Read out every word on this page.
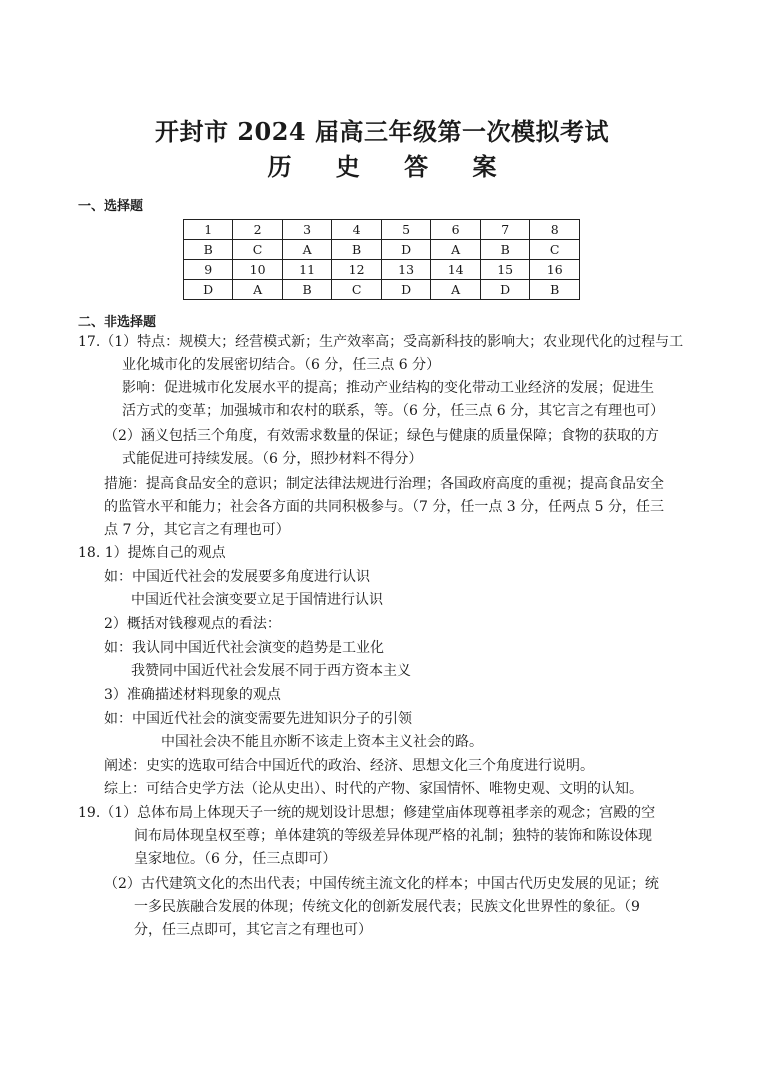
开封市 2024 届高三年级第一次模拟考试
历 史 答 案
一、选择题
1	2	3	4	5	6	7	8
B	C	A	B	D	A	B	C
9	10	11	12	13	14	15	16
D	A	B	C	D	A	D	B
二、非选择题
17.（1）特点：规模大；经营模式新；生产效率高；受高新科技的影响大；农业现代化的过程与工
业化城市化的发展密切结合。（6 分，任三点 6 分）
影响：促进城市化发展水平的提高；推动产业结构的变化带动工业经济的发展；促进生
活方式的变革；加强城市和农村的联系，等。（6 分，任三点 6 分，其它言之有理也可）
（2）涵义包括三个角度，有效需求数量的保证；绿色与健康的质量保障；食物的获取的方
式能促进可持续发展。（6 分，照抄材料不得分）
措施：提高食品安全的意识；制定法律法规进行治理；各国政府高度的重视；提高食品安全
的监管水平和能力；社会各方面的共同积极参与。（7 分，任一点 3 分，任两点 5 分，任三
点 7 分，其它言之有理也可）
18. 1）提炼自己的观点
如：中国近代社会的发展要多角度进行认识
中国近代社会演变要立足于国情进行认识
2）概括对钱穆观点的看法：
如：我认同中国近代社会演变的趋势是工业化
我赞同中国近代社会发展不同于西方资本主义
3）准确描述材料现象的观点
如：中国近代社会的演变需要先进知识分子的引领
中国社会决不能且亦断不该走上资本主义社会的路。
阐述：史实的选取可结合中国近代的政治、经济、思想文化三个角度进行说明。
综上：可结合史学方法（论从史出）、时代的产物、家国情怀、唯物史观、文明的认知。
19.（1）总体布局上体现天子一统的规划设计思想；修建堂庙体现尊祖孝亲的观念；宫殿的空
间布局体现皇权至尊；单体建筑的等级差异体现严格的礼制；独特的装饰和陈设体现
皇家地位。（6 分，任三点即可）
（2）古代建筑文化的杰出代表；中国传统主流文化的样本；中国古代历史发展的见证；统
一多民族融合发展的体现；传统文化的创新发展代表；民族文化世界性的象征。（9
分，任三点即可，其它言之有理也可）
